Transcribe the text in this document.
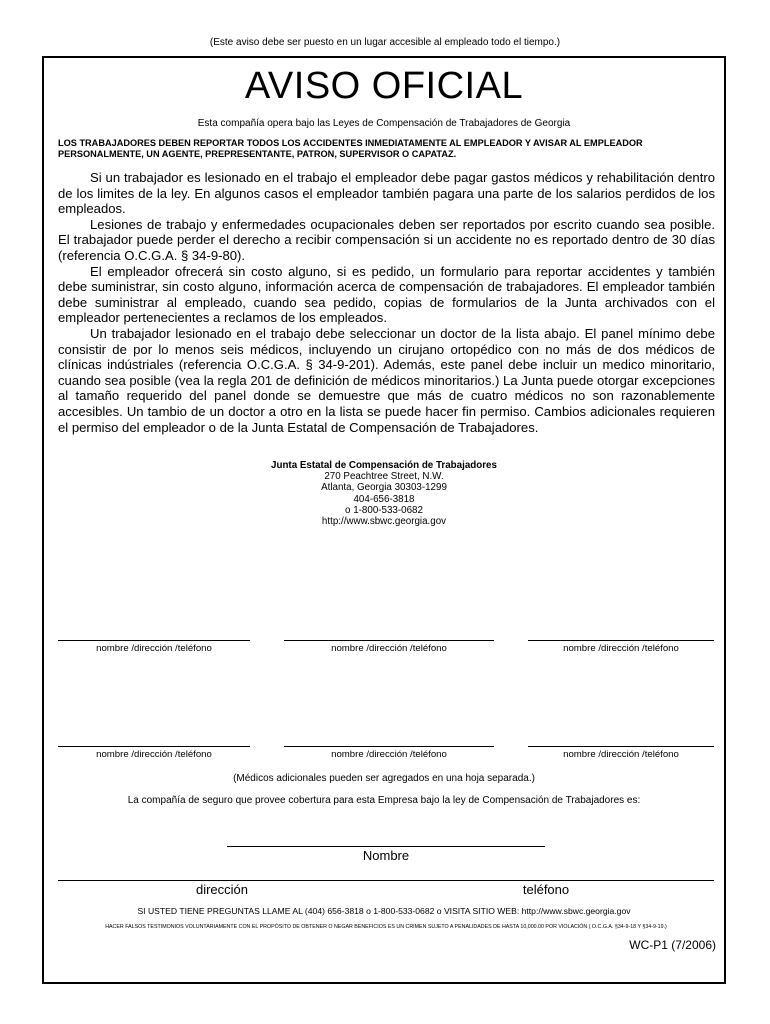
(Este aviso debe ser puesto en un lugar accesible al empleado todo el tiempo.)
AVISO OFICIAL
Esta compañía opera bajo las Leyes de Compensación de Trabajadores de Georgia
LOS TRABAJADORES DEBEN REPORTAR TODOS LOS ACCIDENTES INMEDIATAMENTE AL EMPLEADOR Y AVISAR AL EMPLEADOR PERSONALMENTE, UN AGENTE, PREPRESENTANTE, PATRON, SUPERVISOR O CAPATAZ.

Si un trabajador es lesionado en el trabajo el empleador debe pagar gastos médicos y rehabilitación dentro de los limites de la ley. En algunos casos el empleador también pagara una parte de los salarios perdidos de los empleados.

Lesiones de trabajo y enfermedades ocupacionales deben ser reportados por escrito cuando sea posible. El trabajador puede perder el derecho a recibir compensación si un accidente no es reportado dentro de 30 días (referencia O.C.G.A. § 34-9-80).

El empleador ofrecerá sin costo alguno, si es pedido, un formulario para reportar accidentes y también debe suministrar, sin costo alguno, información acerca de compensación de trabajadores. El empleador también debe suministrar al empleado, cuando sea pedido, copias de formularios de la Junta archivados con el empleador pertenecientes a reclamos de los empleados.

Un trabajador lesionado en el trabajo debe seleccionar un doctor de la lista abajo. El panel mínimo debe consistir de por lo menos seis médicos, incluyendo un cirujano ortopédico con no más de dos médicos de clínicas indústriales (referencia O.C.G.A. § 34-9-201). Además, este panel debe incluir un medico minoritario, cuando sea posible (vea la regla 201 de definición de médicos minoritarios.) La Junta puede otorgar excepciones al tamaño requerido del panel donde se demuestre que más de cuatro médicos no son razonablemente accesibles. Un tambio de un doctor a otro en la lista se puede hacer fin permiso. Cambios adicionales requieren el permiso del empleador o de la Junta Estatal de Compensación de Trabajadores.

Junta Estatal de Compensación de Trabajadores
270 Peachtree Street, N.W.
Atlanta, Georgia 30303-1299
404-656-3818
o 1-800-533-0682
http://www.sbwc.georgia.gov
nombre /dirección /teléfono	nombre /dirección /teléfono	nombre /dirección /teléfono
nombre /dirección /teléfono	nombre /dirección /teléfono	nombre /dirección /teléfono
(Médicos adicionales pueden ser agregados en una hoja separada.)
La compañía de seguro que provee cobertura para esta Empresa bajo la ley de Compensación de Trabajadores es:
Nombre
dirección	teléfono
SI USTED TIENE PREGUNTAS LLAME AL (404) 656-3818 o 1-800-533-0682 o VISITA SITIO WEB: http://www.sbwc.georgia.gov
HACER FALSOS TESTIMONIOS VOLUNTARIAMENTE CON EL PROPÓSITO DE OBTENER O NEGAR BENEFICIOS ES UN CRIMEN SUJETO A PENALIDADES DE HASTA 10,000.00 POR VIOLACIÓN ( O.C.G.A. §34-9-18 Y §34-9-19.)
WC-P1 (7/2006)
